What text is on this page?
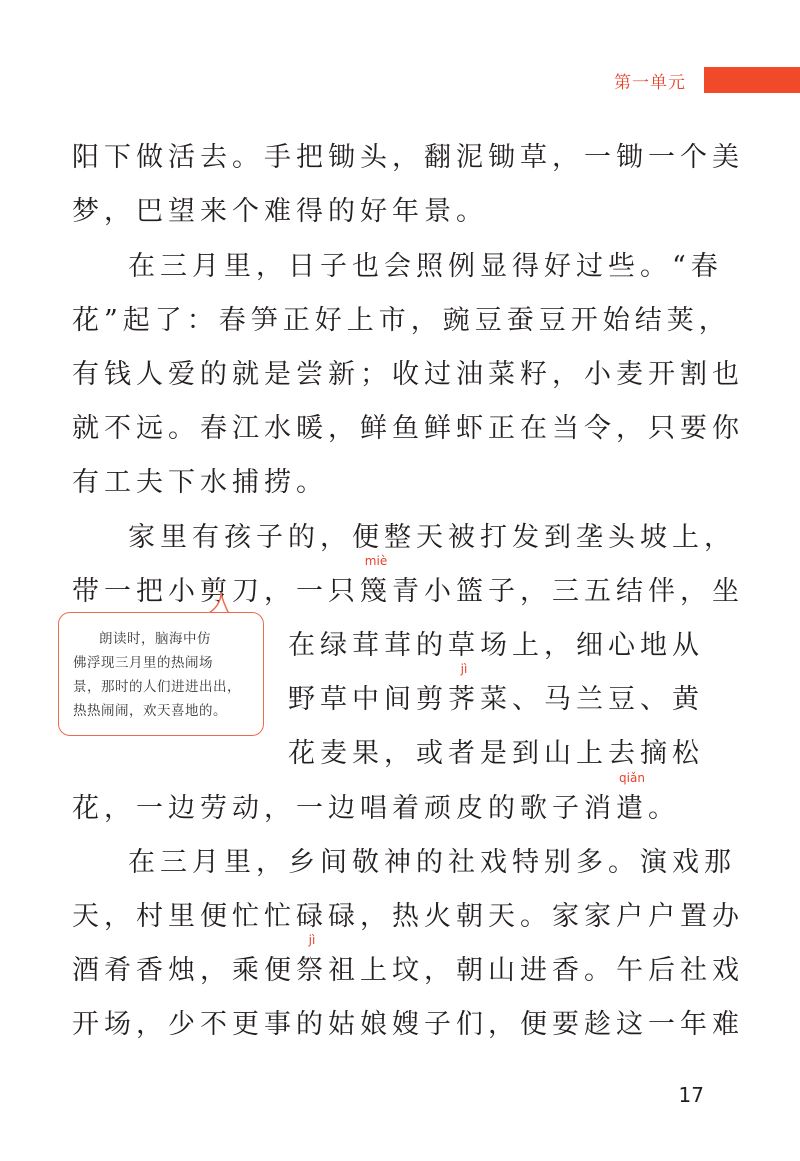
第一单元
阳下做活去。手把锄头，翻泥锄草，一锄一个美
梦，巴望来个难得的好年景。
在三月里，日子也会照例显得好过些。“春
花”起了：春笋正好上市，豌豆蚕豆开始结荚，
有钱人爱的就是尝新；收过油菜籽，小麦开割也
就不远。春江水暖，鲜鱼鲜虾正在当令，只要你
有工夫下水捕捞。
家里有孩子的，便整天被打发到垄头坡上，
带一把小剪刀，一只
miè
篾青小篮子，三五结伴，坐
在绿茸茸的草场上，细心地从
野草中间剪
jì
荠菜、马兰豆、黄
花麦果，或者是到山上去摘松
花，一边劳动，一边唱着顽皮的歌子消
qiǎn
遣。
在三月里，乡间敬神的社戏特别多。演戏那
天，村里便忙忙碌碌，热火朝天。家家户户置办
酒肴香烛，乘便
jì
祭祖上坟，朝山进香。午后社戏
开场，少不更事的姑娘嫂子们，便要趁这一年难
朗读时，脑海中仿
佛浮现三月里的热闹场
景，那时的人们进进出出，
热热闹闹，欢天喜地的。
17
